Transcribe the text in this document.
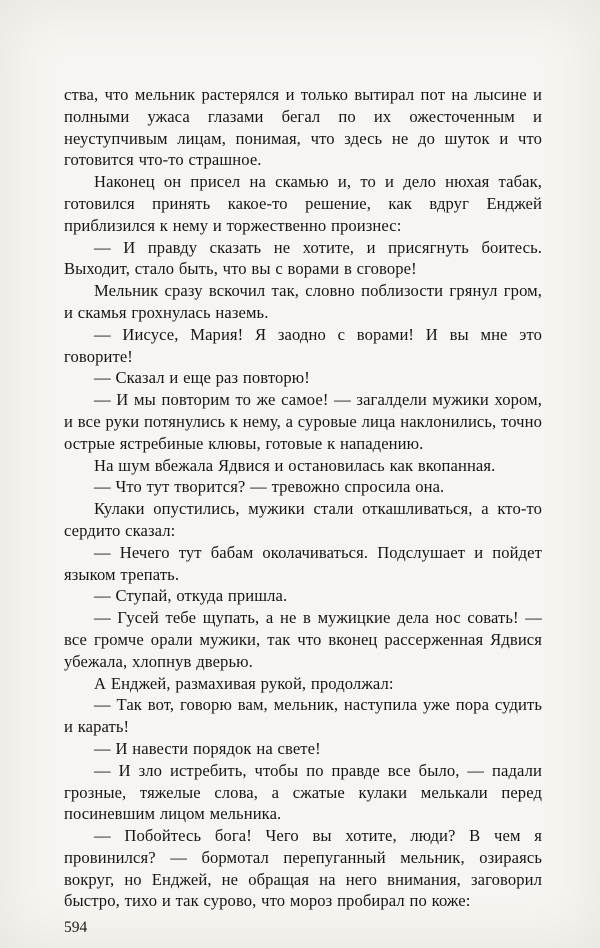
ства, что мельник растерялся и только вытирал пот на лысине и полными ужаса глазами бегал по их ожесточенным и неуступчивым лицам, понимая, что здесь не до шуток и что готовится что-то страшное.

Наконец он присел на скамью и, то и дело нюхая табак, готовился принять какое-то решение, как вдруг Енджей приблизился к нему и торжественно произнес:

— И правду сказать не хотите, и присягнуть боитесь. Выходит, стало быть, что вы с ворами в сговоре!

Мельник сразу вскочил так, словно поблизости грянул гром, и скамья грохнулась наземь.

— Иисусе, Мария! Я заодно с ворами! И вы мне это говорите!

— Сказал и еще раз повторю!

— И мы повторим то же самое! — загалдели мужики хором, и все руки потянулись к нему, а суровые лица наклонились, точно острые ястребиные клювы, готовые к нападению.

На шум вбежала Ядвися и остановилась как вкопанная.

— Что тут творится? — тревожно спросила она.

Кулаки опустились, мужики стали откашливаться, а кто-то сердито сказал:

— Нечего тут бабам околачиваться. Подслушает и пойдет языком трепать.

— Ступай, откуда пришла.

— Гусей тебе щупать, а не в мужицкие дела нос совать! — все громче орали мужики, так что вконец рассерженная Ядвися убежала, хлопнув дверью.

А Енджей, размахивая рукой, продолжал:

— Так вот, говорю вам, мельник, наступила уже пора судить и карать!

— И навести порядок на свете!

— И зло истребить, чтобы по правде все было, — падали грозные, тяжелые слова, а сжатые кулаки мелькали перед посиневшим лицом мельника.

— Побойтесь бога! Чего вы хотите, люди? В чем я провинился? — бормотал перепуганный мельник, озираясь вокруг, но Енджей, не обращая на него внимания, заговорил быстро, тихо и так сурово, что мороз пробирал по коже:

594
